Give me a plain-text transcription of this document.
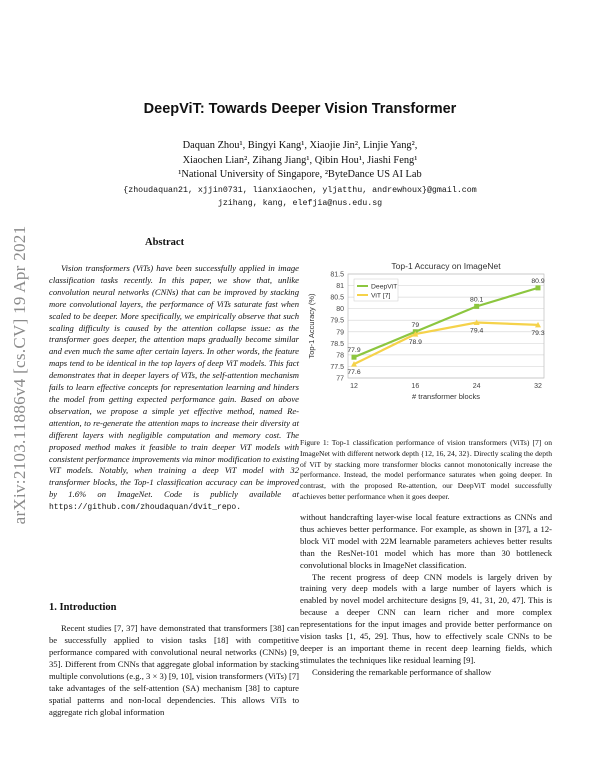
arXiv:2103.11886v4 [cs.CV] 19 Apr 2021
DeepViT: Towards Deeper Vision Transformer
Daquan Zhou¹, Bingyi Kang¹, Xiaojie Jin², Linjie Yang²,
Xiaochen Lian², Zihang Jiang¹, Qibin Hou¹, Jiashi Feng¹
¹National University of Singapore, ²ByteDance US AI Lab
{zhoudaquan21, xjjin0731, lianxiaochen, yljatthu, andrewhoux}@gmail.com
jzihang, kang, elefjia@nus.edu.sg
Abstract

Vision transformers (ViTs) have been successfully applied in image classification tasks recently. In this paper, we show that, unlike convolution neural networks (CNNs) that can be improved by stacking more convolutional layers, the performance of ViTs saturate fast when scaled to be deeper. More specifically, we empirically observe that such scaling difficulty is caused by the attention collapse issue: as the transformer goes deeper, the attention maps gradually become similar and even much the same after certain layers. In other words, the feature maps tend to be identical in the top layers of deep ViT models. This fact demonstrates that in deeper layers of ViTs, the self-attention mechanism fails to learn effective concepts for representation learning and hinders the model from getting expected performance gain. Based on above observation, we propose a simple yet effective method, named Re-attention, to re-generate the attention maps to increase their diversity at different layers with negligible computation and memory cost. The proposed method makes it feasible to train deeper ViT models with consistent performance improvements via minor modification to existing ViT models. Notably, when training a deep ViT model with 32 transformer blocks, the Top-1 classification accuracy can be improved by 1.6% on ImageNet. Code is publicly available at https://github.com/zhoudaquan/dvit_repo.

1. Introduction

Recent studies [7, 37] have demonstrated that transformers [38] can be successfully applied to vision tasks [18] with competitive performance compared with convolutional neural networks (CNNs) [9, 35]. Different from CNNs that aggregate global information by stacking multiple convolutions (e.g., 3 × 3) [9, 10], vision transformers (ViTs) [7] take advantages of the self-attention (SA) mechanism [38] to capture spatial patterns and non-local dependencies. This allows ViTs to aggregate rich global information

Top-1 Accuracy on ImageNet
77
77.5
78
78.5
79
79.5
80
80.5
81
81.5
12	16	24	32
# transformer blocks
Top-1 Accuracy (%)	77.9
79
80.1
80.9
77.6
78.9
79.4	79.3
DeepViT
ViT [7]
Figure 1: Top-1 classification performance of vision transformers (ViTs) [7] on ImageNet with different network depth {12, 16, 24, 32}. Directly scaling the depth of ViT by stacking more transformer blocks cannot monotonically increase the performance. Instead, the model performance saturates when going deeper. In contrast, with the proposed Re-attention, our DeepViT model successfully achieves better performance when it goes deeper.

without handcrafting layer-wise local feature extractions as CNNs and thus achieves better performance. For example, as shown in [37], a 12-block ViT model with 22M learnable parameters achieves better results than the ResNet-101 model which has more than 30 bottleneck convolutional blocks in ImageNet classification.

The recent progress of deep CNN models is largely driven by training very deep models with a large number of layers which is enabled by novel model architecture designs [9, 41, 31, 20, 47]. This is because a deeper CNN can learn richer and more complex representations for the input images and provide better performance on vision tasks [1, 45, 29]. Thus, how to effectively scale CNNs to be deeper is an important theme in recent deep learning fields, which stimulates the techniques like residual learning [9].

Considering the remarkable performance of shallow
